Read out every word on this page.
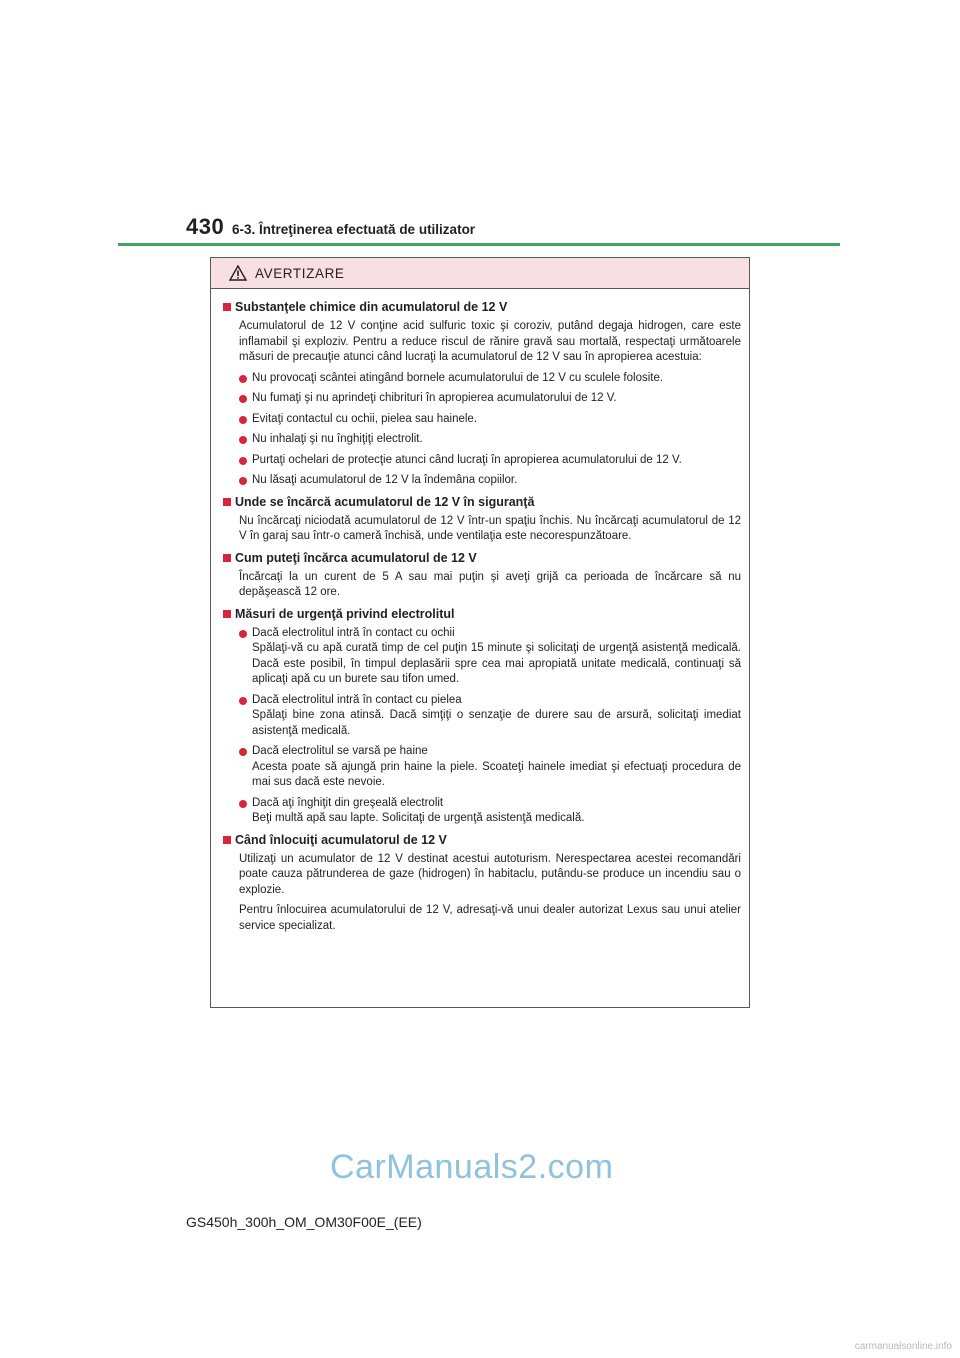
430 6-3. Întreţinerea efectuată de utilizator
AVERTIZARE
Substanţele chimice din acumulatorul de 12 V
Acumulatorul de 12 V conţine acid sulfuric toxic şi coroziv, putând degaja hidrogen, care este inflamabil şi exploziv. Pentru a reduce riscul de rănire gravă sau mortală, respectaţi următoarele măsuri de precauţie atunci când lucraţi la acumulatorul de 12 V sau în apropierea acestuia:
Nu provocaţi scântei atingând bornele acumulatorului de 12 V cu sculele folosite.
Nu fumaţi şi nu aprindeţi chibrituri în apropierea acumulatorului de 12 V.
Evitaţi contactul cu ochii, pielea sau hainele.
Nu inhalaţi şi nu înghiţiţi electrolit.
Purtaţi ochelari de protecţie atunci când lucraţi în apropierea acumulatorului de 12 V.
Nu lăsaţi acumulatorul de 12 V la îndemâna copiilor.
Unde se încărcă acumulatorul de 12 V în siguranţă
Nu încărcaţi niciodată acumulatorul de 12 V într-un spaţiu închis. Nu încărcaţi acumulatorul de 12 V în garaj sau într-o cameră închisă, unde ventilaţia este necorespunzătoare.
Cum puteţi încărca acumulatorul de 12 V
Încărcaţi la un curent de 5 A sau mai puţin şi aveţi grijă ca perioada de încărcare să nu depăşească 12 ore.
Măsuri de urgenţă privind electrolitul
Dacă electrolitul intră în contact cu ochii
Spălaţi-vă cu apă curată timp de cel puţin 15 minute şi solicitaţi de urgenţă asistenţă medicală. Dacă este posibil, în timpul deplasării spre cea mai apropiată unitate medicală, continuaţi să aplicaţi apă cu un burete sau tifon umed.
Dacă electrolitul intră în contact cu pielea
Spălaţi bine zona atinsă. Dacă simţiţi o senzaţie de durere sau de arsură, solicitaţi imediat asistenţă medicală.
Dacă electrolitul se varsă pe haine
Acesta poate să ajungă prin haine la piele. Scoateţi hainele imediat şi efectuaţi procedura de mai sus dacă este nevoie.
Dacă aţi înghiţit din greşeală electrolit
Beţi multă apă sau lapte. Solicitaţi de urgenţă asistenţă medicală.
Când înlocuiţi acumulatorul de 12 V
Utilizaţi un acumulator de 12 V destinat acestui autoturism. Nerespectarea acestei recomandări poate cauza pătrunderea de gaze (hidrogen) în habitaclu, putându-se produce un incendiu sau o explozie.
Pentru înlocuirea acumulatorului de 12 V, adresaţi-vă unui dealer autorizat Lexus sau unui atelier service specializat.
CarManuals2.com
GS450h_300h_OM_OM30F00E_(EE)
carmanualsonline.info
